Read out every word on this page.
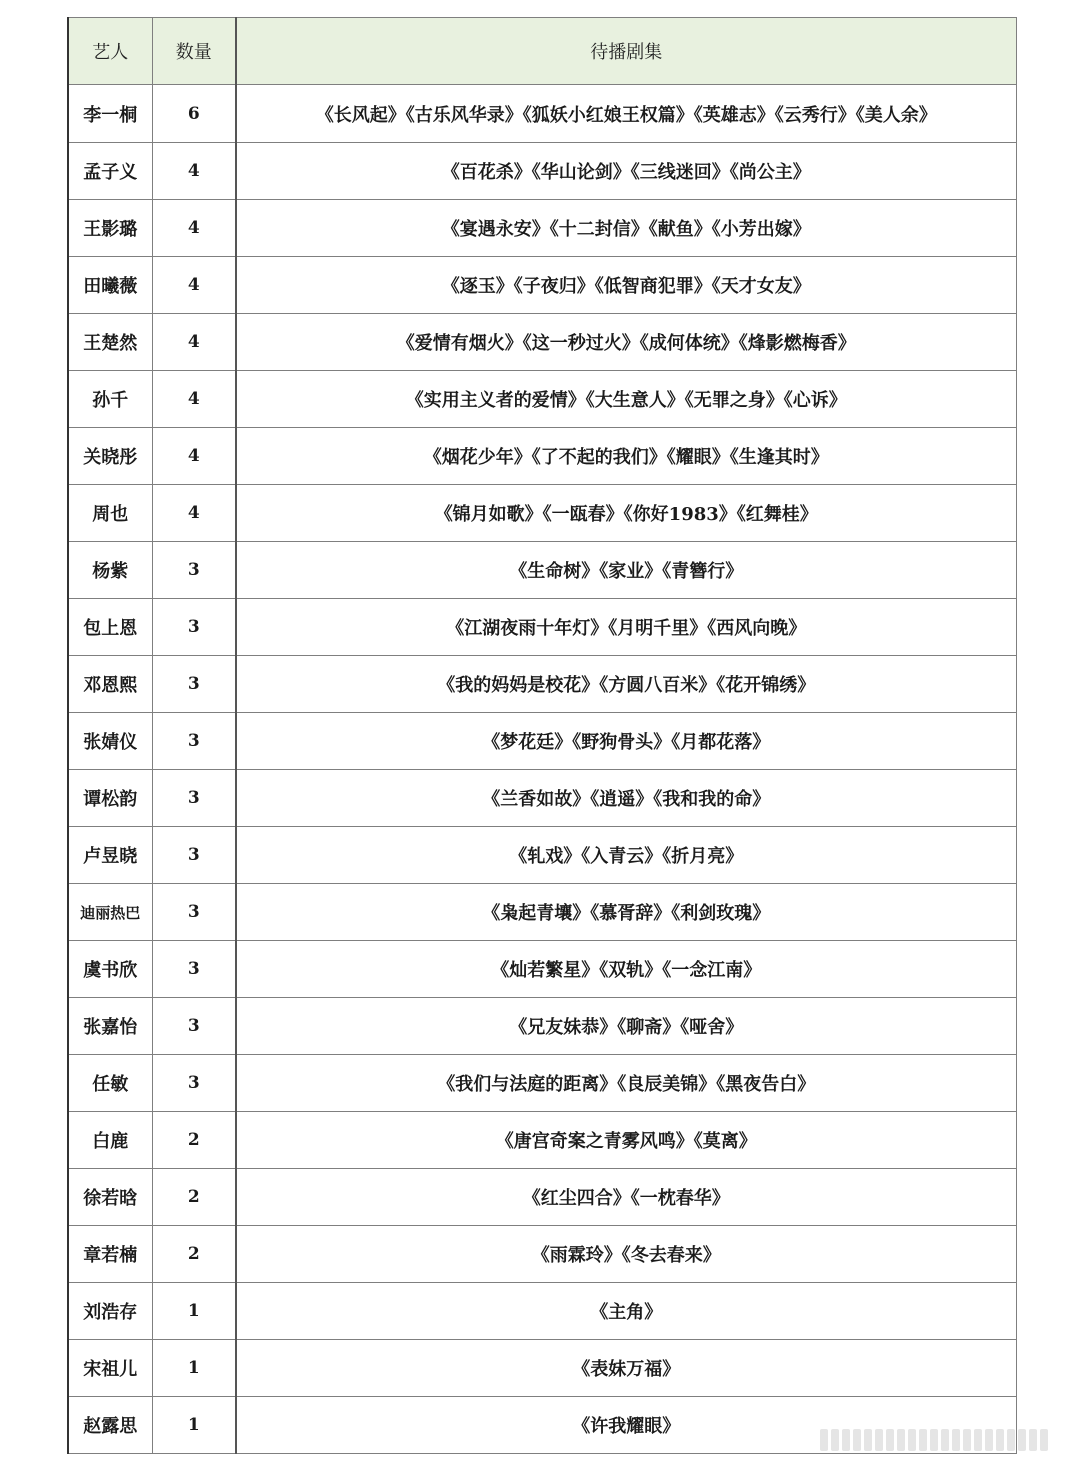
艺人	数量	待播剧集
李一桐	6	《长风起》《古乐风华录》《狐妖小红娘王权篇》《英雄志》《云秀行》《美人余》
孟子义	4	《百花杀》《华山论剑》《三线迷回》《尚公主》
王影璐	4	《宴遇永安》《十二封信》《献鱼》《小芳出嫁》
田曦薇	4	《逐玉》《子夜归》《低智商犯罪》《天才女友》
王楚然	4	《爱情有烟火》《这一秒过火》《成何体统》《烽影燃梅香》
孙千	4	《实用主义者的爱情》《大生意人》《无罪之身》《心诉》
关晓彤	4	《烟花少年》《了不起的我们》《耀眼》《生逢其时》
周也	4	《锦月如歌》《一瓯春》《你好1983》《红舞桂》
杨紫	3	《生命树》《家业》《青簪行》
包上恩	3	《江湖夜雨十年灯》《月明千里》《西风向晚》
邓恩熙	3	《我的妈妈是校花》《方圆八百米》《花开锦绣》
张婧仪	3	《梦花廷》《野狗骨头》《月都花落》
谭松韵	3	《兰香如故》《逍遥》《我和我的命》
卢昱晓	3	《轧戏》《入青云》《折月亮》
迪丽热巴	3	《枭起青壤》《慕胥辞》《利剑玫瑰》
虞书欣	3	《灿若繁星》《双轨》《一念江南》
张嘉怡	3	《兄友妹恭》《聊斋》《哑舍》
任敏	3	《我们与法庭的距离》《良辰美锦》《黑夜告白》
白鹿	2	《唐宫奇案之青雾风鸣》《莫离》
徐若晗	2	《红尘四合》《一枕春华》
章若楠	2	《雨霖玲》《冬去春来》
刘浩存	1	《主角》
宋祖儿	1	《表妹万福》
赵露思	1	《许我耀眼》
